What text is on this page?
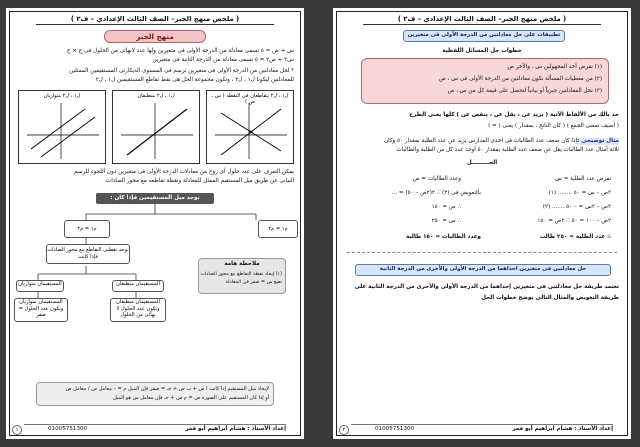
( ملخص منهج الجبر– الصف الثالث الإعدادي – ف٢ )
منهج الجبر
س + ص = ٥ تسمى معادلة من الدرجة الأولى فى متغيرين ولها عدد لانهائى من الحلول فى ح × ح
س٢ + ص٢ = ٥ تسمى معادلة من الدرجة الثانية فى متغيرين
* لحل معادلتين من الدرجة الأولى فى متغيرين نرسم فى المستوى الديكارتى المستقيمين الممثلين
للمعادلتين ليكونا ل١ ، ل٢ ، وتكون مجموعة الحل هى نقط تقاطع المستقيمين ل١ ، ل٢
ل١ ، ل٢ يتقاطعان فى النقطة ( س ، ص )
ل١ ، ل٢ منطبقان
ل١ ، ل٢ متوازيان
يمكن التعرف على عدد حلول أى زوج من معادلات الدرجة الأولى فى متغيرين دون اللجوء للرسم
البيانى عن طريق ميل المستقيم الممثل للمعادلة ونقطة تقاطعه مع محور الصادات
نوجد ميل المستقيمين فإذا كان :
م١ ≠ م٢
م١ = م٢
نوجد نقطتى التقاطع مع محور الصادات فإذا كانت
المستقيمان متوازيان	المستقيمان منطبقان
المستقيمان متوازيان ويكون عدد الحلول = صفر
المستقيمان منطبقان ويكون عدد الحلول لا نهائى من الحلول
ملاحظة هامة
(١) إيجاد نقطة التقاطع مع محور الصادات
نضع س = صفر فى المعادلة
لإيجاد ميل المستقيم إذا كانت ا س + ب ص + جـ = صفر فإن الميل م = – معامل س / معامل ص
أو إذا كان المستقيم على الصورة ص = م س + جـ فإن معامل س هو الميل
إعداد الأستاذ : هشام ابراهيم أبو قمر
01005751300
١
( ملخص منهج الجبر– الصف الثالث الإعدادي – ف٢ )
تطبيقات على حل معادلتين من الدرجة الأولى فى متغيرين
خطوات حل المسائل اللفظية
(١) نفرض أحد المجهولين س ، والآخر ص
(٢) من معطيات المسألة نكون معادلتين من الدرجة الأولى فى س ، ص
(٣) نحل المعادلتين جبرياً أو بيانياً لنحصل على قيمة كل من س ، ص
خد بالك من الألفاظ الآتية ( يزيد عن ، يقل عن ، ينقص عن ) كلها يعنى الطرح
( أضيف بمعنى الجمع ) ( كان الناتج ، بمقدار ) يعنى ( = )
مثال توضيحى :
إذا كان ضعف عدد الطالبات فى احدى المدارس يزيد عن عدد الطلبة بمقدار ٥٠ وكان
ثلاثة أمثال عدد الطالبات يقل عن ضعف عدد الطلبة بمقدار ٥٠ أوجد عدد كل من الطلبة والطالبات
الحـــــــــل
نفرض عدد الطلبة = س
٢ص – س = ٥٠ ........ (١)
٣ص – ٢س = – ٥٠ ....... (٢)
٢ص – ١٠٠ = ٥٠ ∴ ٢ص = ١٥٠
∴ عدد الطلبة = ٢٥٠ طالب
وعدد الطالبات = ص
بالتعويض فى (٢) ∴ ٢(٢ص – ٥٠) = ...
∴ ص = ١٥٠
∴ س = ٢٥٠
وعدد الطالبات = ١٥٠ طالبة
حل معادلتين فى متغيرين احداهما من الدرجة الأولى والأخرى من الدرجة الثانية
تعتمد طريقة حل معادلتين فى متغيرين إحداهما من الدرجة الأولى والأخرى من الدرجة الثانية على
طريقة التعويض والمثال التالى يوضح خطوات الحل
إعداد الأستاذ : هشام ابراهيم أبو قمر
01005751300
٢
